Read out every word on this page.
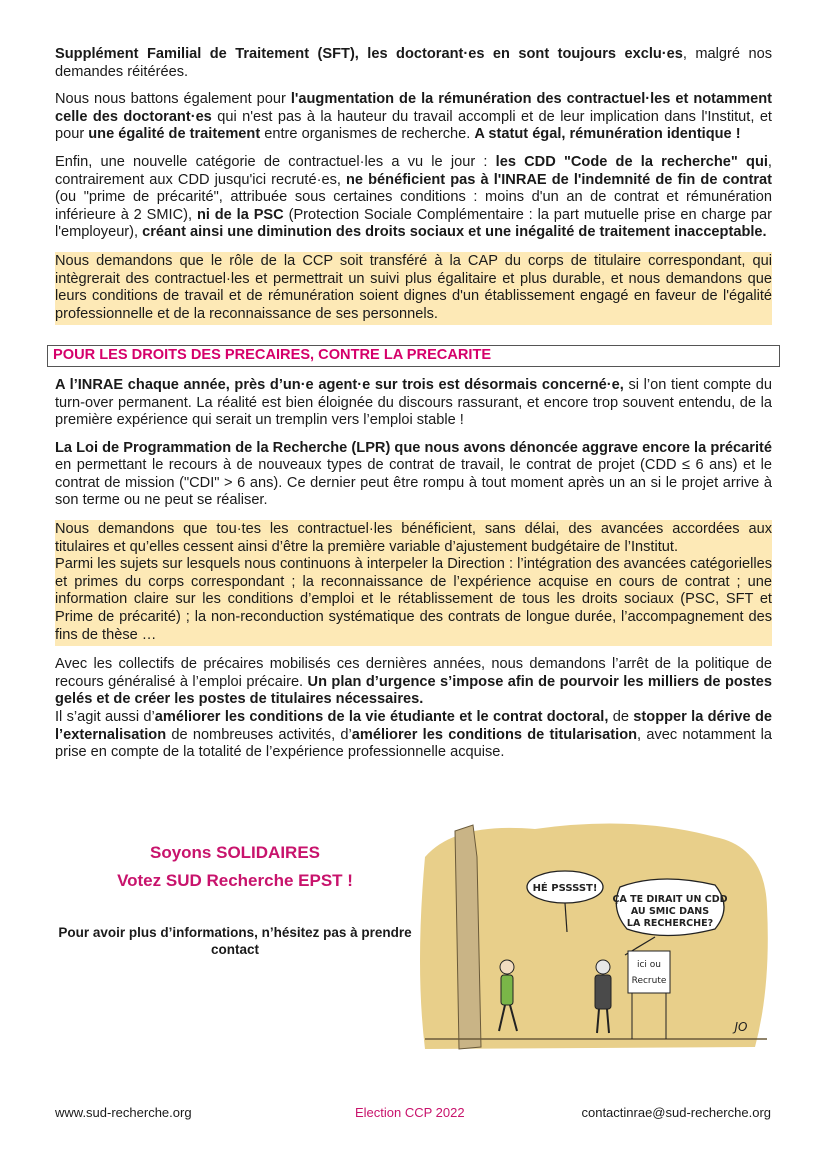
Supplément Familial de Traitement (SFT), les doctorant·es en sont toujours exclu·es, malgré nos demandes réitérées.

Nous nous battons également pour l'augmentation de la rémunération des contractuel·les et notamment celle des doctorant·es qui n'est pas à la hauteur du travail accompli et de leur implication dans l'Institut, et pour une égalité de traitement entre organismes de recherche. A statut égal, rémunération identique !

Enfin, une nouvelle catégorie de contractuel·les a vu le jour : les CDD "Code de la recherche" qui, contrairement aux CDD jusqu'ici recruté·es, ne bénéficient pas à l'INRAE de l'indemnité de fin de contrat (ou "prime de précarité", attribuée sous certaines conditions : moins d'un an de contrat et rémunération inférieure à 2 SMIC), ni de la PSC (Protection Sociale Complémentaire : la part mutuelle prise en charge par l'employeur), créant ainsi une diminution des droits sociaux et une inégalité de traitement inacceptable.

Nous demandons que le rôle de la CCP soit transféré à la CAP du corps de titulaire correspondant, qui intègrerait des contractuel·les et permettrait un suivi plus égalitaire et plus durable, et nous demandons que leurs conditions de travail et de rémunération soient dignes d'un établissement engagé en faveur de l'égalité professionnelle et de la reconnaissance de ses personnels.

POUR LES DROITS DES PRECAIRES, CONTRE LA PRECARITE

A l’INRAE chaque année, près d’un·e agent·e sur trois est désormais concerné·e, si l’on tient compte du turn-over permanent. La réalité est bien éloignée du discours rassurant, et encore trop souvent entendu, de la première expérience qui serait un tremplin vers l’emploi stable !

La Loi de Programmation de la Recherche (LPR) que nous avons dénoncée aggrave encore la précarité en permettant le recours à de nouveaux types de contrat de travail, le contrat de projet (CDD ≤ 6 ans) et le contrat de mission ("CDI" > 6 ans). Ce dernier peut être rompu à tout moment après un an si le projet arrive à son terme ou ne peut se réaliser.

Nous demandons que tou·tes les contractuel·les bénéficient, sans délai, des avancées accordées aux titulaires et qu’elles cessent ainsi d’être la première variable d’ajustement budgétaire de l’Institut.

Parmi les sujets sur lesquels nous continuons à interpeler la Direction : l’intégration des avancées catégorielles et primes du corps correspondant ; la reconnaissance de l’expérience acquise en cours de contrat ; une information claire sur les conditions d’emploi et le rétablissement de tous les droits sociaux (PSC, SFT et Prime de précarité) ; la non-reconduction systématique des contrats de longue durée, l’accompagnement des fins de thèse …

Avec les collectifs de précaires mobilisés ces dernières années, nous demandons l’arrêt de la politique de recours généralisé à l’emploi précaire. Un plan d’urgence s’impose afin de pourvoir les milliers de postes gelés et de créer les postes de titulaires nécessaires.

Il s’agit aussi d’améliorer les conditions de la vie étudiante et le contrat doctoral, de stopper la dérive de l’externalisation de nombreuses activités, d’améliorer les conditions de titularisation, avec notamment la prise en compte de la totalité de l’expérience professionnelle acquise.

Soyons SOLIDAIRES
Votez SUD Recherche EPST !
Pour avoir plus d’informations, n’hésitez pas à prendre contact
HÉ PSSSST!
ÇA TE DIRAIT UN CDD
AU SMIC DANS
LA RECHERCHE?
ici ou
Recrute
JO
www.sud-recherche.org	Election CCP 2022	contactinrae@sud-recherche.org
